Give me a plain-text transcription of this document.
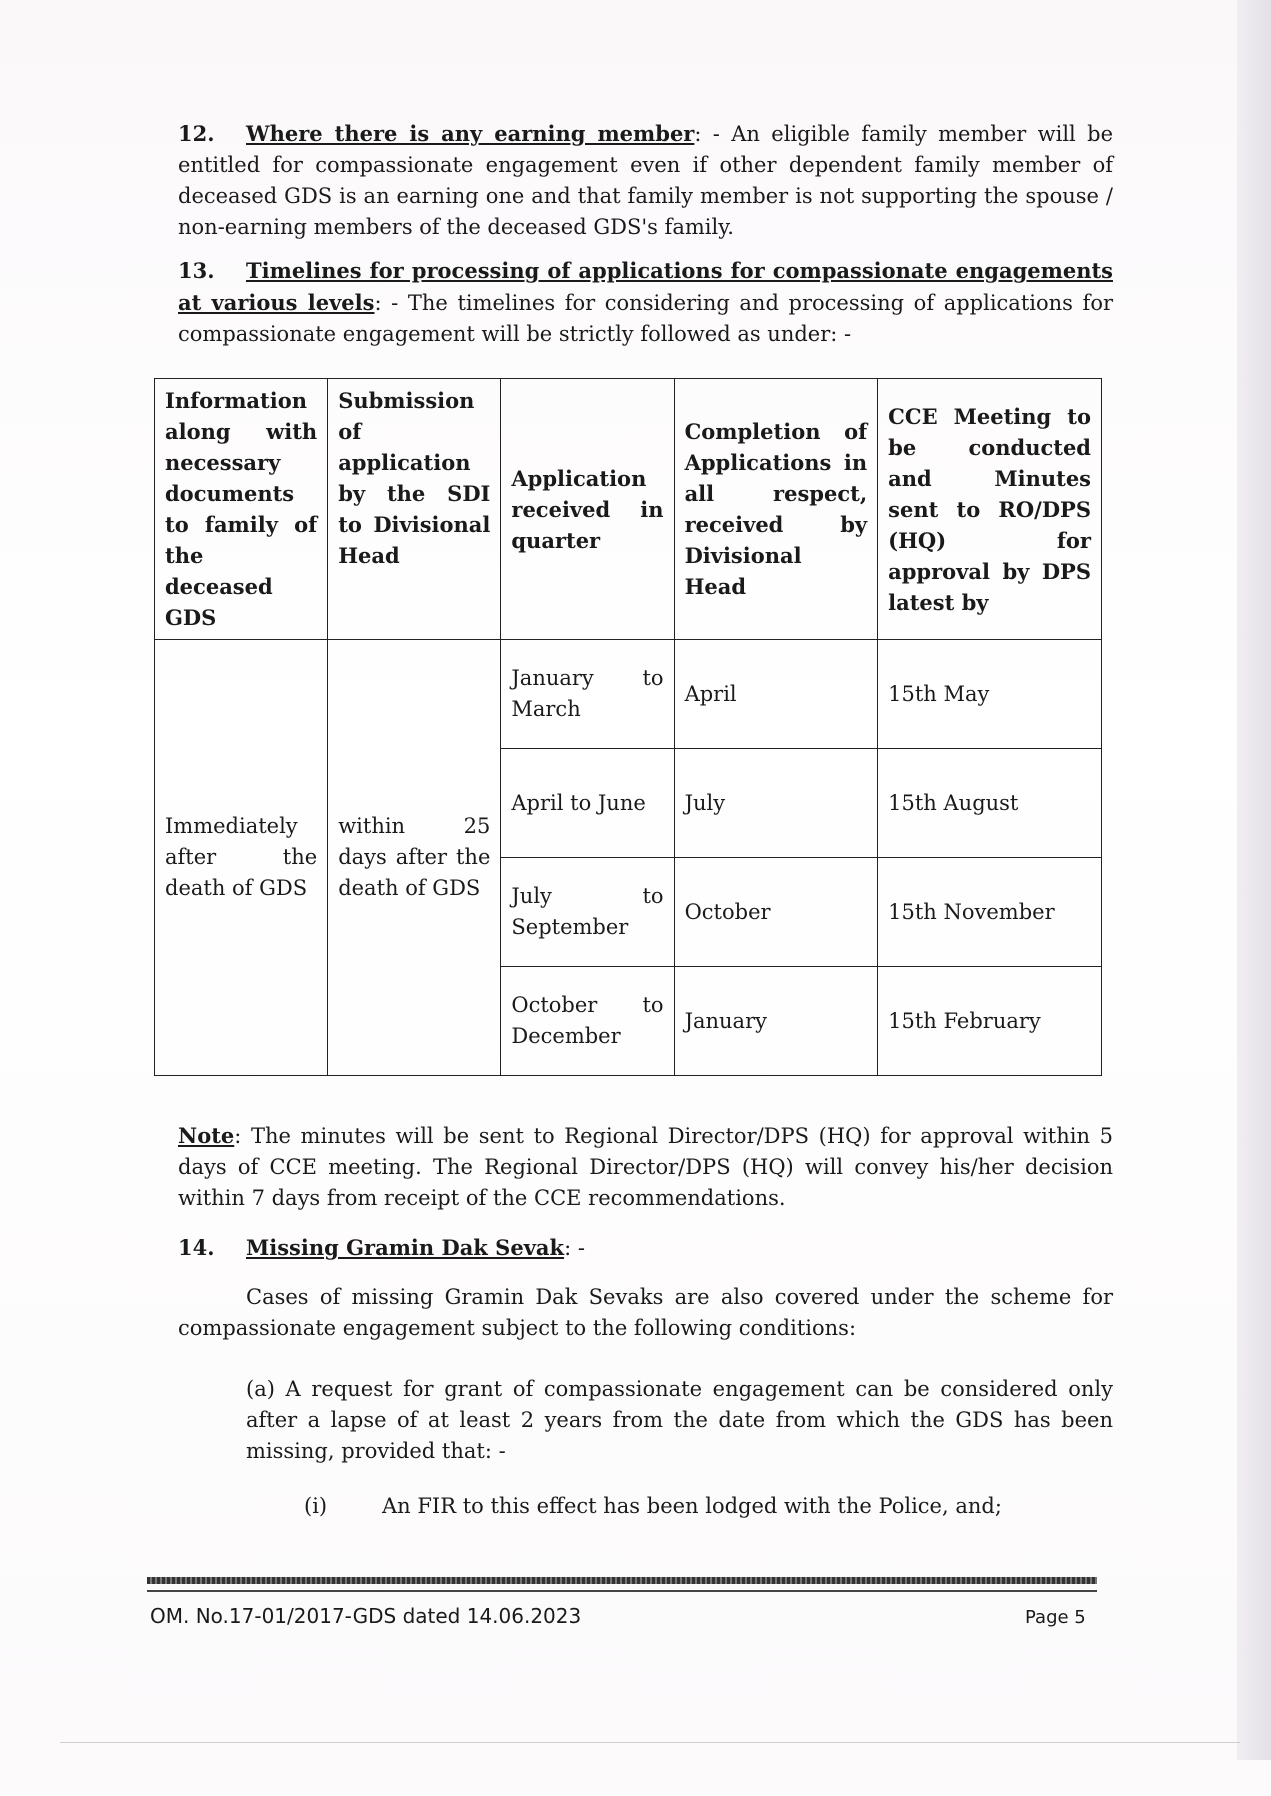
12. Where there is any earning member: - An eligible family member will be entitled for compassionate engagement even if other dependent family member of deceased GDS is an earning one and that family member is not supporting the spouse / non-earning members of the deceased GDS's family.

13. Timelines for processing of applications for compassionate engagements at various levels: - The timelines for considering and processing of applications for compassionate engagement will be strictly followed as under: -

Information along with necessary documents to family of the deceased GDS	Submission of application by the SDI to Divisional Head	Application received in quarter	Completion of Applications in all respect, received by Divisional Head	CCE Meeting to be conducted and Minutes sent to RO/DPS (HQ) for approval by DPS latest by
Immediately after the death of GDS	within 25 days after the death of GDS	January to March	April	15th May
		April to June	July	15th August
		July to September	October	15th November
		October to December	January	15th February

Note: The minutes will be sent to Regional Director/DPS (HQ) for approval within 5 days of CCE meeting. The Regional Director/DPS (HQ) will convey his/her decision within 7 days from receipt of the CCE recommendations.

14. Missing Gramin Dak Sevak: -

Cases of missing Gramin Dak Sevaks are also covered under the scheme for compassionate engagement subject to the following conditions:

(a) A request for grant of compassionate engagement can be considered only after a lapse of at least 2 years from the date from which the GDS has been missing, provided that: -

(i)	An FIR to this effect has been lodged with the Police, and;

OM. No.17-01/2017-GDS dated 14.06.2023	Page 5
